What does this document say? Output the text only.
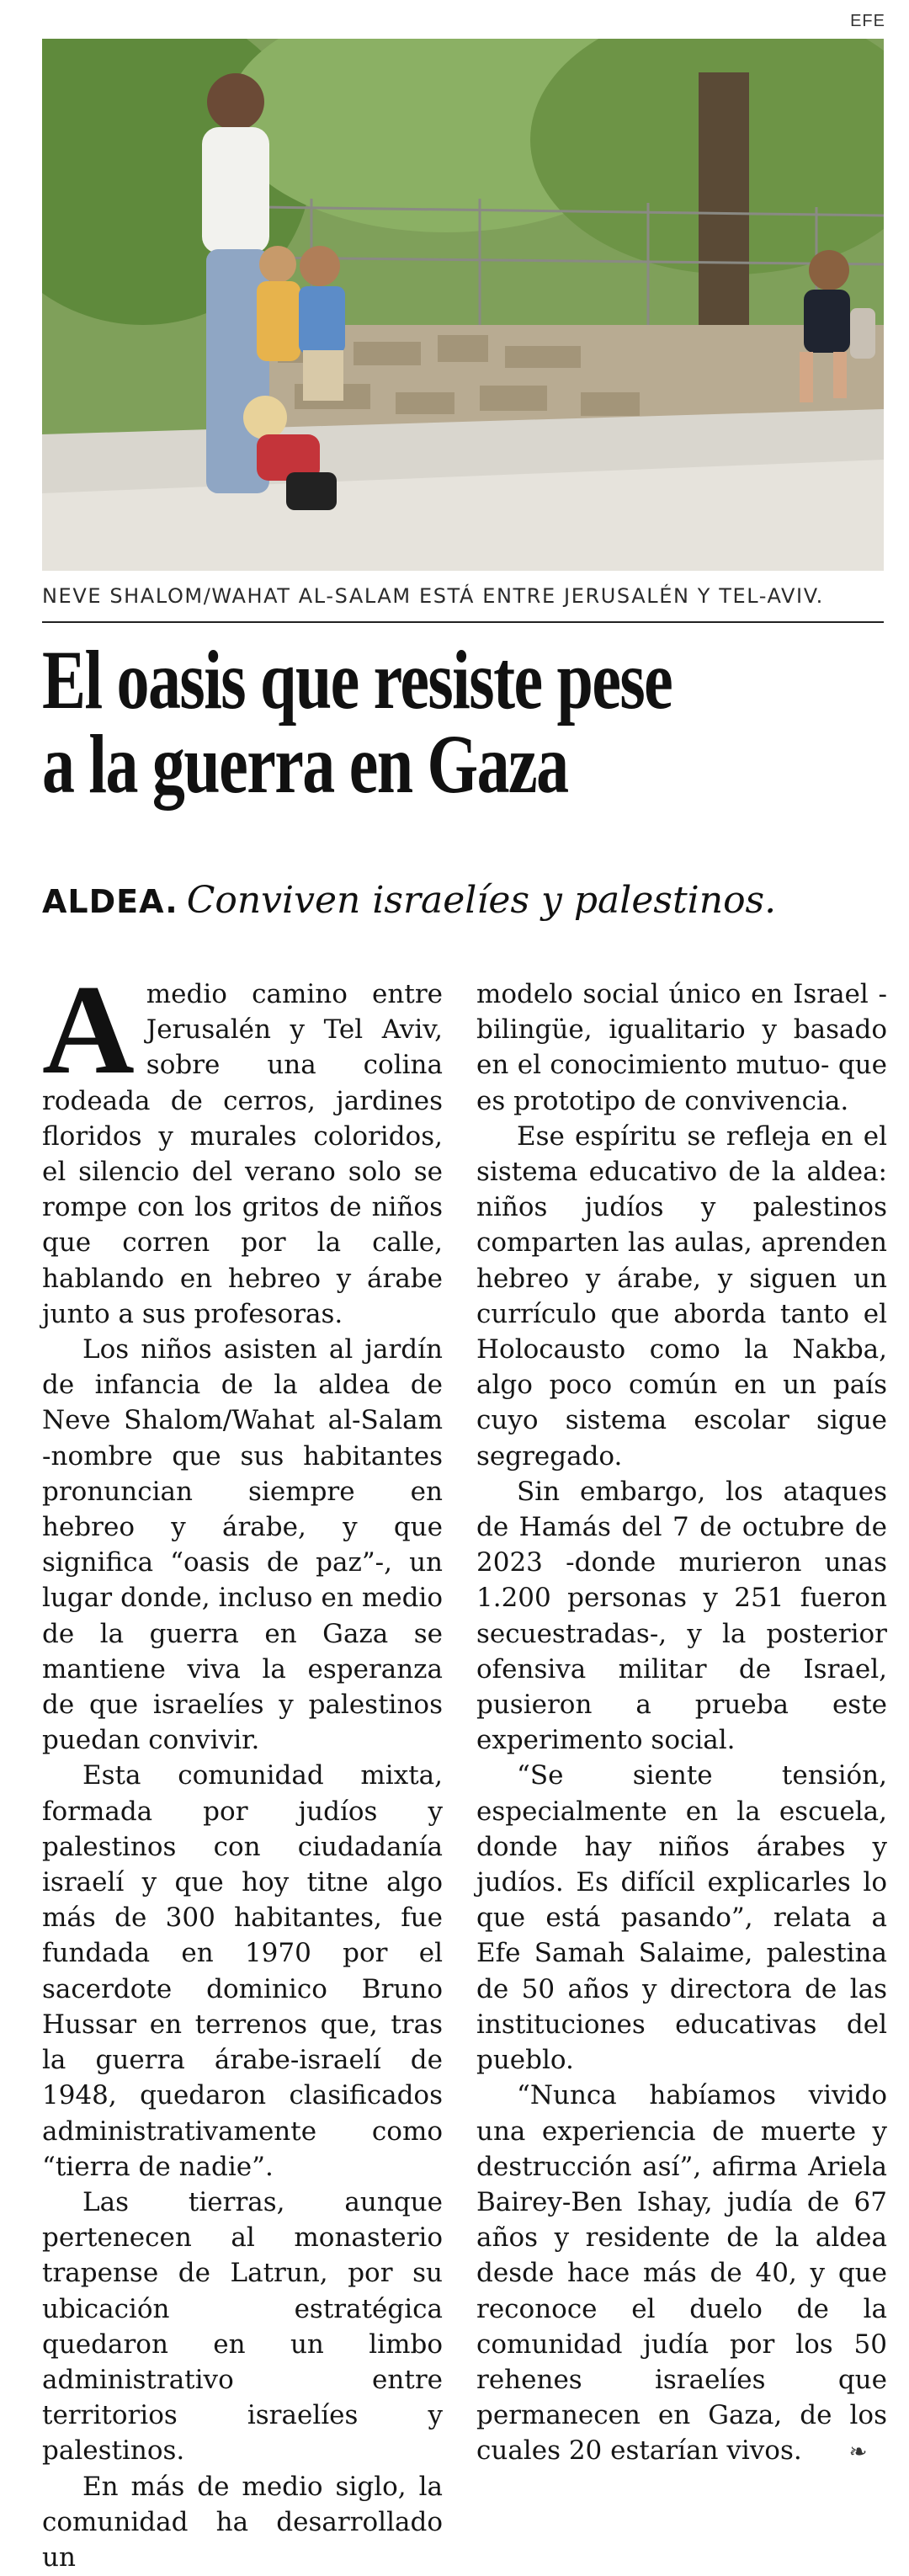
EFE
NEVE SHALOM/WAHAT AL-SALAM ESTÁ ENTRE JERUSALÉN Y TEL-AVIV.
El oasis que resiste pese
a la guerra en Gaza
ALDEA. Conviven israelíes y palestinos.

Amedio camino entre Jerusalén y Tel Aviv, sobre una colina rodeada de cerros, jardines floridos y murales coloridos, el silencio del verano solo se rompe con los gritos de niños que corren por la calle, hablando en hebreo y árabe junto a sus profesoras.

Los niños asisten al jardín de infancia de la aldea de Neve Shalom/Wahat al-Salam -nombre que sus habitantes pronuncian siempre en hebreo y árabe, y que significa “oasis de paz”-, un lugar donde, incluso en medio de la guerra en Gaza se mantiene viva la esperanza de que israelíes y palestinos puedan convivir.

Esta comunidad mixta, formada por judíos y palestinos con ciudadanía israelí y que hoy titne algo más de 300 habitantes, fue fundada en 1970 por el sacerdote dominico Bruno Hussar en terrenos que, tras la guerra árabe-israelí de 1948, quedaron clasificados administrativamente como “tierra de nadie”.

Las tierras, aunque pertenecen al monasterio trapense de Latrun, por su ubicación estratégica quedaron en un limbo administrativo entre territorios israelíes y palestinos.

En más de medio siglo, la comunidad ha desarrollado un

modelo social único en Israel -bilingüe, igualitario y basado en el conocimiento mutuo- que es prototipo de convivencia.

Ese espíritu se refleja en el sistema educativo de la aldea: niños judíos y palestinos comparten las aulas, aprenden hebreo y árabe, y siguen un currículo que aborda tanto el Holocausto como la Nakba, algo poco común en un país cuyo sistema escolar sigue segregado.

Sin embargo, los ataques de Hamás del 7 de octubre de 2023 -donde murieron unas 1.200 personas y 251 fueron secuestradas-, y la posterior ofensiva militar de Israel, pusieron a prueba este experimento social.

“Se siente tensión, especialmente en la escuela, donde hay niños árabes y judíos. Es difícil explicarles lo que está pasando”, relata a Efe Samah Salaime, palestina de 50 años y directora de las instituciones educativas del pueblo.

“Nunca habíamos vivido una experiencia de muerte y destrucción así”, afirma Ariela Bairey-Ben Ishay, judía de 67 años y residente de la aldea desde hace más de 40, y que reconoce el duelo de la comunidad judía por los 50 rehenes israelíes que permanecen en Gaza, de los cuales 20 estarían vivos. ❧
